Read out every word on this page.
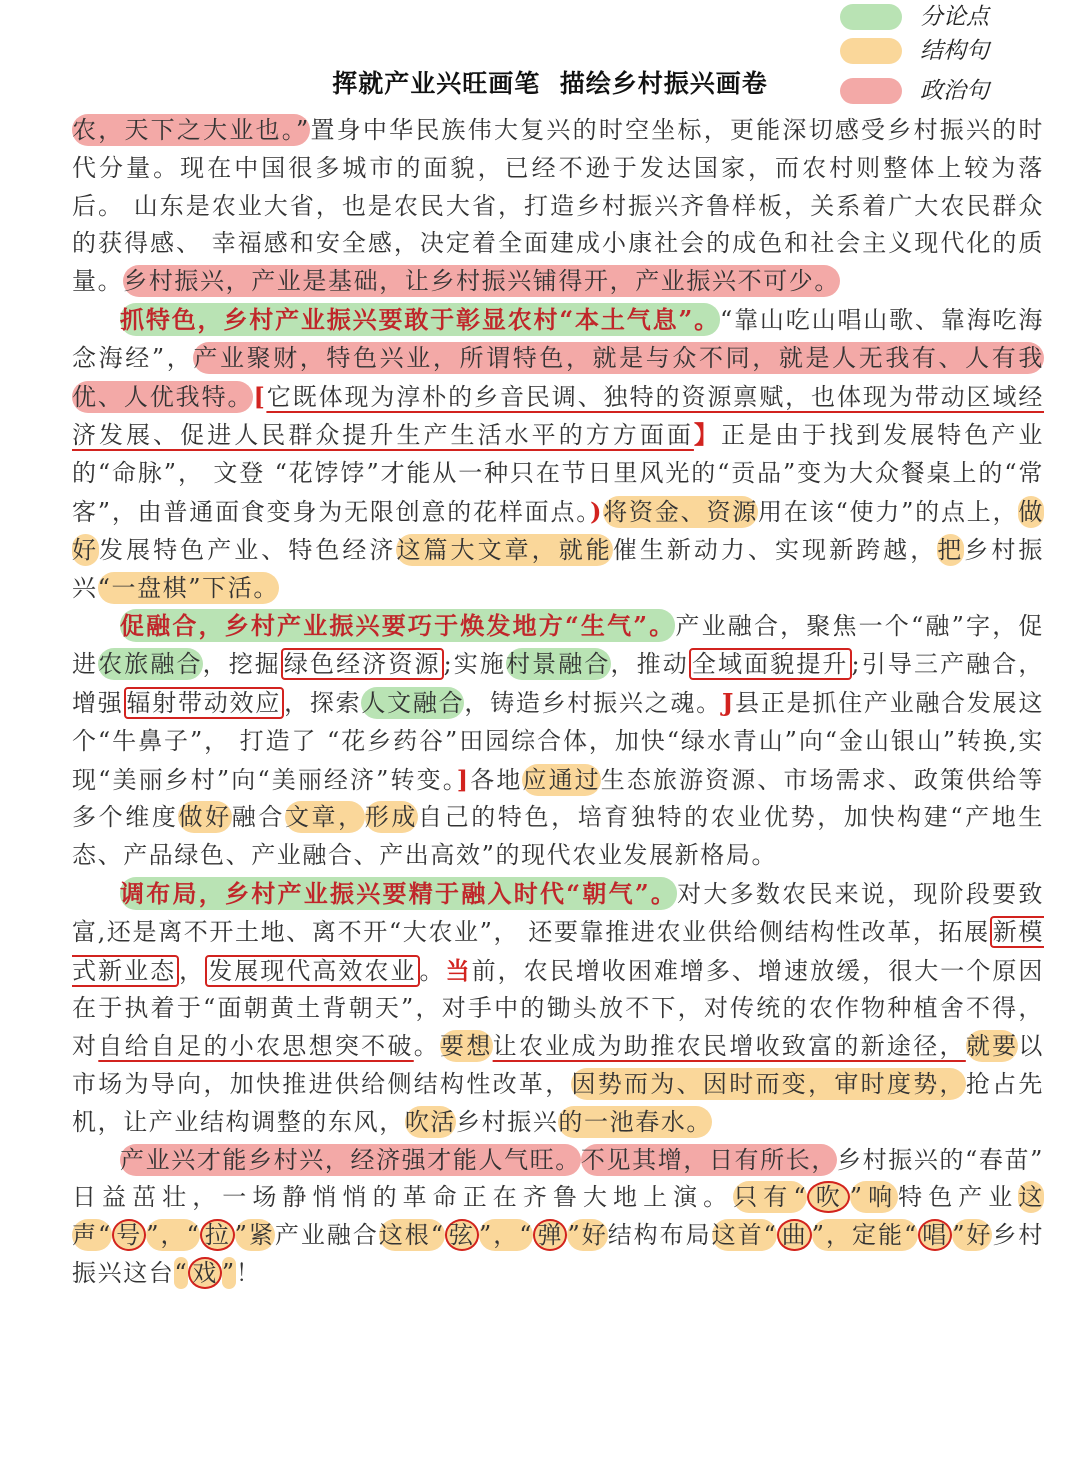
分论点
结构句
政治句
挥就产业兴旺画笔  描绘乡村振兴画卷

农，天下之大业也。”置身中华民族伟大复兴的时空坐标，更能深切感受乡村振兴的时代分量。现在中国很多城市的面貌，已经不逊于发达国家，而农村则整体上较为落后。 山东是农业大省，也是农民大省，打造乡村振兴齐鲁样板，关系着广大农民群众的获得感、 幸福感和安全感，决定着全面建成小康社会的成色和社会主义现代化的质量。乡村振兴，产业是基础，让乡村振兴铺得开，产业振兴不可少。

抓特色，乡村产业振兴要敢于彰显农村“本土气息”。“靠山吃山唱山歌、靠海吃海念海经”，产业聚财，特色兴业，所谓特色，就是与众不同，就是人无我有、人有我优、人优我特。[它既体现为淳朴的乡音民调、独特的资源禀赋，也体现为带动区域经济发展、促进人民群众提升生产生活水平的方方面面】正是由于找到发展特色产业的“命脉”， 文登 “花饽饽”才能从一种只在节日里风光的“贡品”变为大众餐桌上的“常客”，由普通面食变身为无限创意的花样面点。)将资金、资源用在该“使力”的点上，做好发展特色产业、特色经济这篇大文章，就能催生新动力、实现新跨越，把乡村振兴“一盘棋”下活。

促融合，乡村产业振兴要巧于焕发地方“生气”。产业融合，聚焦一个“融”字，促进农旅融合，挖掘 绿色经济资源 ;实施村景融合，推动 全域面貌提升 ;引导三产融合，增强 辐射带动效应 ，探索人文融合，铸造乡村振兴之魂。J县正是抓住产业融合发展这个“牛鼻子”， 打造了 “花乡药谷”田园综合体，加快“绿水青山”向“金山银山”转换,实现“美丽乡村”向“美丽经济”转变。]各地应通过生态旅游资源、市场需求、政策供给等多个维度做好融合文章，形成自己的特色，培育独特的农业优势，加快构建“产地生态、产品绿色、产业融合、产出高效”的现代农业发展新格局。

调布局，乡村产业振兴要精于融入时代“朝气”。对大多数农民来说，现阶段要致富,还是离不开土地、离不开“大农业”， 还要靠推进农业供给侧结构性改革，拓展 新模式新业态 ， 发展现代高效农业 。当前，农民增收困难增多、增速放缓，很大一个原因在于执着于“面朝黄土背朝天”，对手中的锄头放不下，对传统的农作物种植舍不得，对自给自足的小农思想突不破。要想让农业成为助推农民增收致富的新途径，就要以市场为导向，加快推进供给侧结构性改革，因势而为、因时而变，审时度势，抢占先机，让产业结构调整的东风，吹活乡村振兴的一池春水。

产业兴才能乡村兴，经济强才能人气旺。不见其增，日有所长，乡村振兴的“春苗” 日益茁壮，一场静悄悄的革命正在齐鲁大地上演。只有“ 吹 ”响特色产业这声“ 号 ”，“ 拉 ”紧产业融合这根“ 弦 ”，“ 弹 ”好结构布局这首“ 曲 ”，定能“ 唱 ”好乡村振兴这台“ 戏 ”！
